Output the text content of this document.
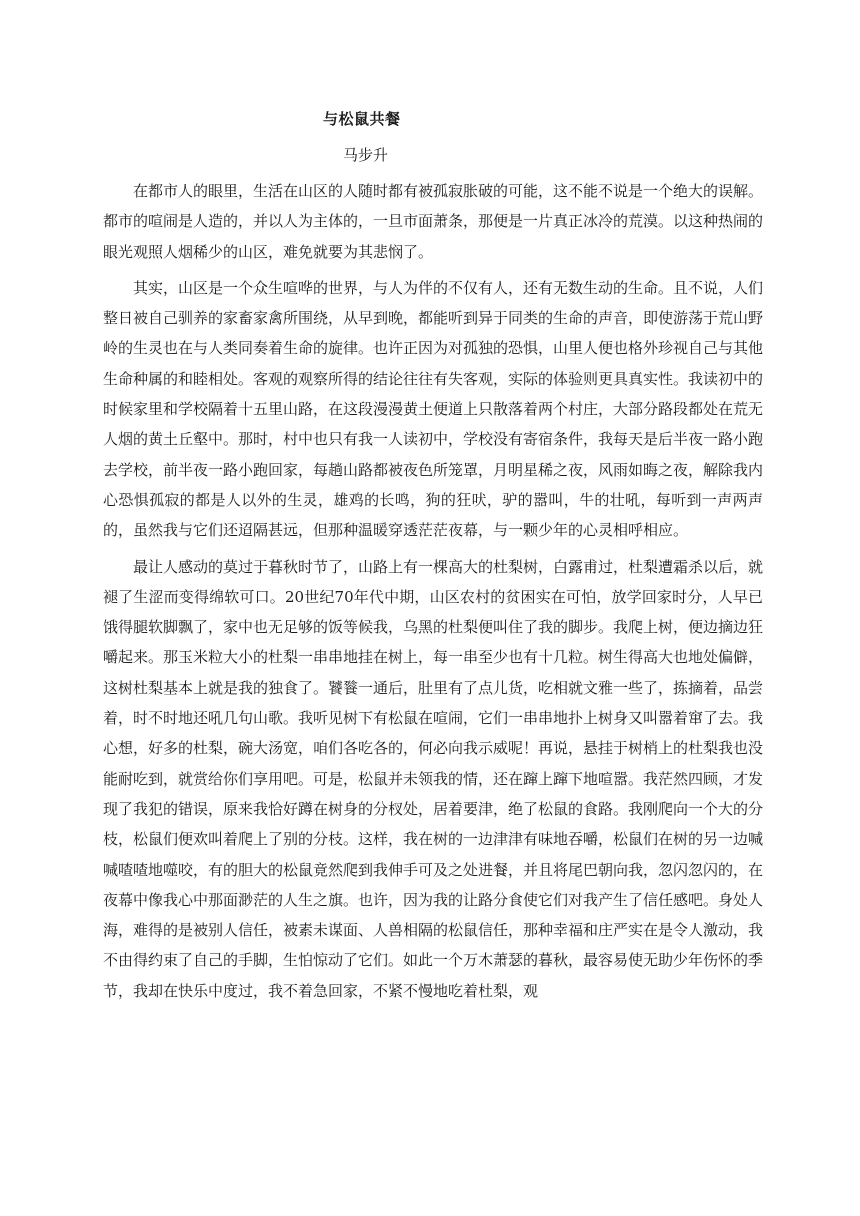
与松鼠共餐
马步升

在都市人的眼里，生活在山区的人随时都有被孤寂胀破的可能，这不能不说是一个绝大的误解。都市的喧闹是人造的，并以人为主体的，一旦市面萧条，那便是一片真正冰冷的荒漠。以这种热闹的眼光观照人烟稀少的山区，难免就要为其悲悯了。

其实，山区是一个众生喧哗的世界，与人为伴的不仅有人，还有无数生动的生命。且不说，人们整日被自己驯养的家畜家禽所围绕，从早到晚，都能听到异于同类的生命的声音，即使游荡于荒山野岭的生灵也在与人类同奏着生命的旋律。也许正因为对孤独的恐惧，山里人便也格外珍视自己与其他生命种属的和睦相处。客观的观察所得的结论往往有失客观，实际的体验则更具真实性。我读初中的时候家里和学校隔着十五里山路，在这段漫漫黄土便道上只散落着两个村庄，大部分路段都处在荒无人烟的黄土丘壑中。那时，村中也只有我一人读初中，学校没有寄宿条件，我每天是后半夜一路小跑去学校，前半夜一路小跑回家，每趟山路都被夜色所笼罩，月明星稀之夜，风雨如晦之夜，解除我内心恐惧孤寂的都是人以外的生灵，雄鸡的长鸣，狗的狂吠，驴的嚣叫，牛的壮吼，每听到一声两声的，虽然我与它们还迢隔甚远，但那种温暖穿透茫茫夜幕，与一颗少年的心灵相呼相应。

最让人感动的莫过于暮秋时节了，山路上有一棵高大的杜梨树，白露甫过，杜梨遭霜杀以后，就褪了生涩而变得绵软可口。20世纪70年代中期，山区农村的贫困实在可怕，放学回家时分，人早已饿得腿软脚飘了，家中也无足够的饭等候我，乌黑的杜梨便叫住了我的脚步。我爬上树，便边摘边狂嚼起来。那玉米粒大小的杜梨一串串地挂在树上，每一串至少也有十几粒。树生得高大也地处偏僻，这树杜梨基本上就是我的独食了。饕餮一通后，肚里有了点儿货，吃相就文雅一些了，拣摘着，品尝着，时不时地还吼几句山歌。我听见树下有松鼠在喧闹，它们一串串地扑上树身又叫嚣着窜了去。我心想，好多的杜梨，碗大汤宽，咱们各吃各的，何必向我示威呢！再说，悬挂于树梢上的杜梨我也没能耐吃到，就赏给你们享用吧。可是，松鼠并未领我的情，还在蹿上蹿下地喧嚣。我茫然四顾，才发现了我犯的错误，原来我恰好蹲在树身的分杈处，居着要津，绝了松鼠的食路。我刚爬向一个大的分枝，松鼠们便欢叫着爬上了别的分枝。这样，我在树的一边津津有味地吞嚼，松鼠们在树的另一边喊喊喳喳地噬咬，有的胆大的松鼠竟然爬到我伸手可及之处进餐，并且将尾巴朝向我，忽闪忽闪的，在夜幕中像我心中那面渺茫的人生之旗。也许，因为我的让路分食使它们对我产生了信任感吧。身处人海，难得的是被别人信任，被素未谋面、人兽相隔的松鼠信任，那种幸福和庄严实在是令人激动，我不由得约束了自己的手脚，生怕惊动了它们。如此一个万木萧瑟的暮秋，最容易使无助少年伤怀的季节，我却在快乐中度过，我不着急回家，不紧不慢地吃着杜梨，观
